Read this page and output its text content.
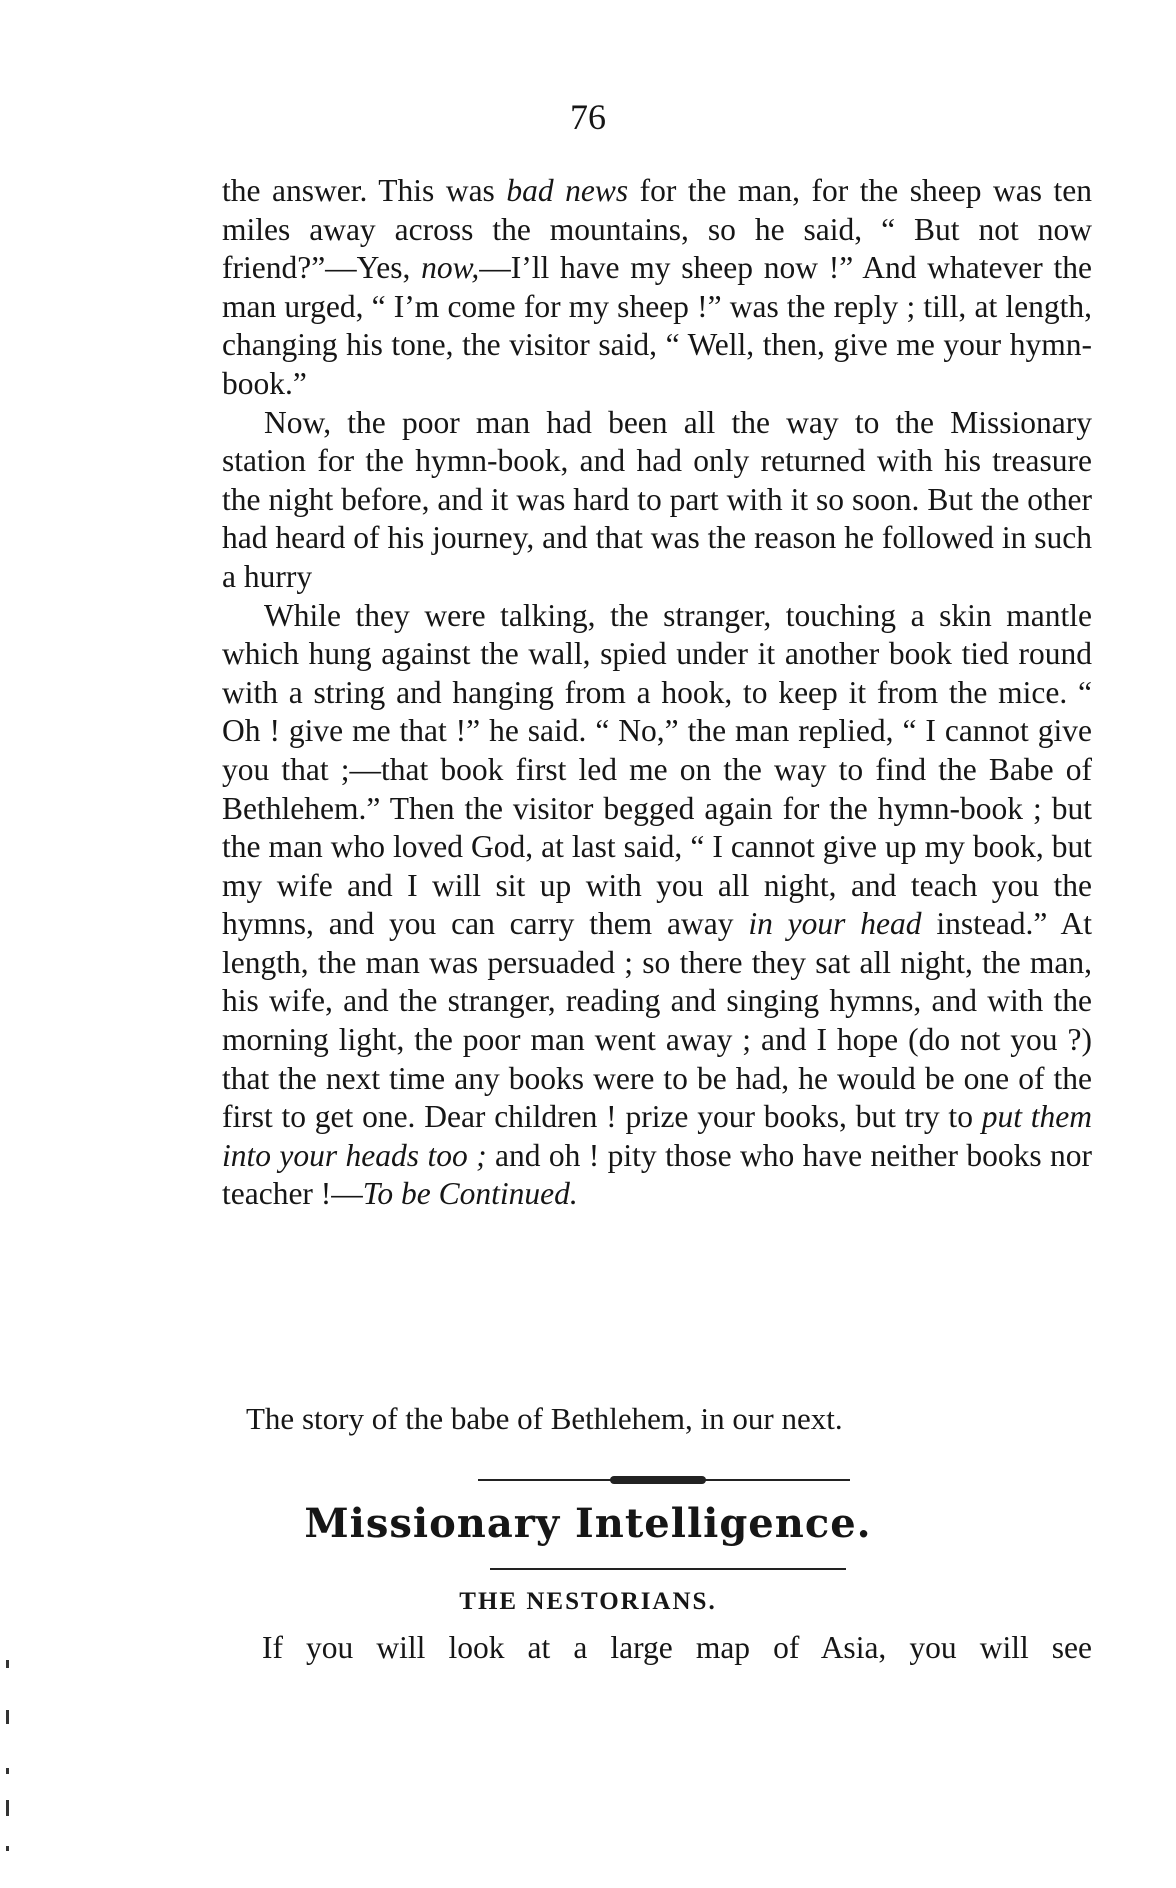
76

the answer. This was bad news for the man, for the sheep was ten miles away across the mountains, so he said, “ But not now friend?”—Yes, now,—I’ll have my sheep now !” And whatever the man urged, “ I’m come for my sheep !” was the reply ; till, at length, changing his tone, the visitor said, “ Well, then, give me your hymn-book.”

Now, the poor man had been all the way to the Missionary station for the hymn-book, and had only returned with his treasure the night before, and it was hard to part with it so soon. But the other had heard of his journey, and that was the reason he followed in such a hurry

While they were talking, the stranger, touching a skin mantle which hung against the wall, spied under it another book tied round with a string and hanging from a hook, to keep it from the mice. “ Oh ! give me that !” he said. “ No,” the man replied, “ I cannot give you that ;—that book first led me on the way to find the Babe of Bethlehem.” Then the visitor begged again for the hymn-book ; but the man who loved God, at last said, “ I cannot give up my book, but my wife and I will sit up with you all night, and teach you the hymns, and you can carry them away in your head instead.” At length, the man was persuaded ; so there they sat all night, the man, his wife, and the stranger, reading and singing hymns, and with the morning light, the poor man went away ; and I hope (do not you ?) that the next time any books were to be had, he would be one of the first to get one. Dear children ! prize your books, but try to put them into your heads too ; and oh ! pity those who have neither books nor teacher !—To be Continued.

The story of the babe of Bethlehem, in our next.
Missionary Intelligence.
THE NESTORIANS.
If you will look at a large map of Asia, you will see
